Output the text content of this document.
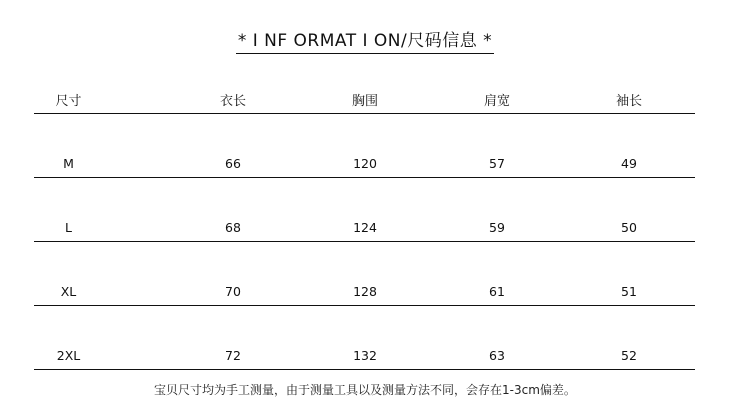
* I NF ORMAT I ON/尺码信息 *
尺寸	衣长	胸围	肩宽	袖长
M	66	120	57	49
L	68	124	59	50
XL	70	128	61	51
2XL	72	132	63	52
宝贝尺寸均为手工测量，由于测量工具以及测量方法不同，会存在1-3cm偏差。
